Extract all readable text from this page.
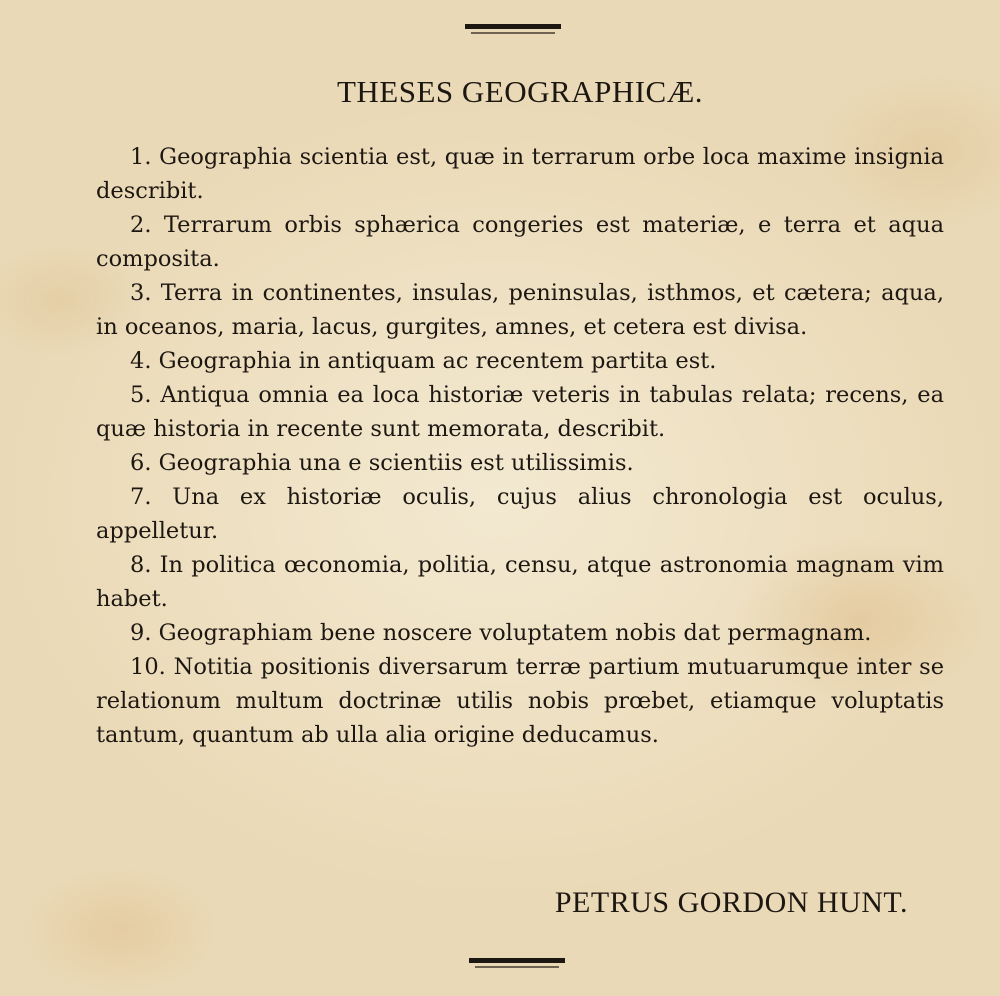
THESES GEOGRAPHICÆ.
1. Geographia scientia est, quæ in terrarum orbe loca maxime insignia describit.
2. Terrarum orbis sphærica congeries est materiæ, e terra et aqua composita.
3. Terra in continentes, insulas, peninsulas, isthmos, et cætera; aqua, in oceanos, maria, lacus, gurgites, amnes, et cetera est divisa.
4. Geographia in antiquam ac recentem partita est.
5. Antiqua omnia ea loca historiæ veteris in tabulas relata; recens, ea quæ historia in recente sunt memorata, describit.
6. Geographia una e scientiis est utilissimis.
7. Una ex historiæ oculis, cujus alius chronologia est oculus, appelletur.
8. In politica œconomia, politia, censu, atque astronomia magnam vim habet.
9. Geographiam bene noscere voluptatem nobis dat permagnam.
10. Notitia positionis diversarum terræ partium mutuarumque inter se relationum multum doctrinæ utilis nobis prœbet, etiamque voluptatis tantum, quantum ab ulla alia origine deducamus.

PETRUS GORDON HUNT.
